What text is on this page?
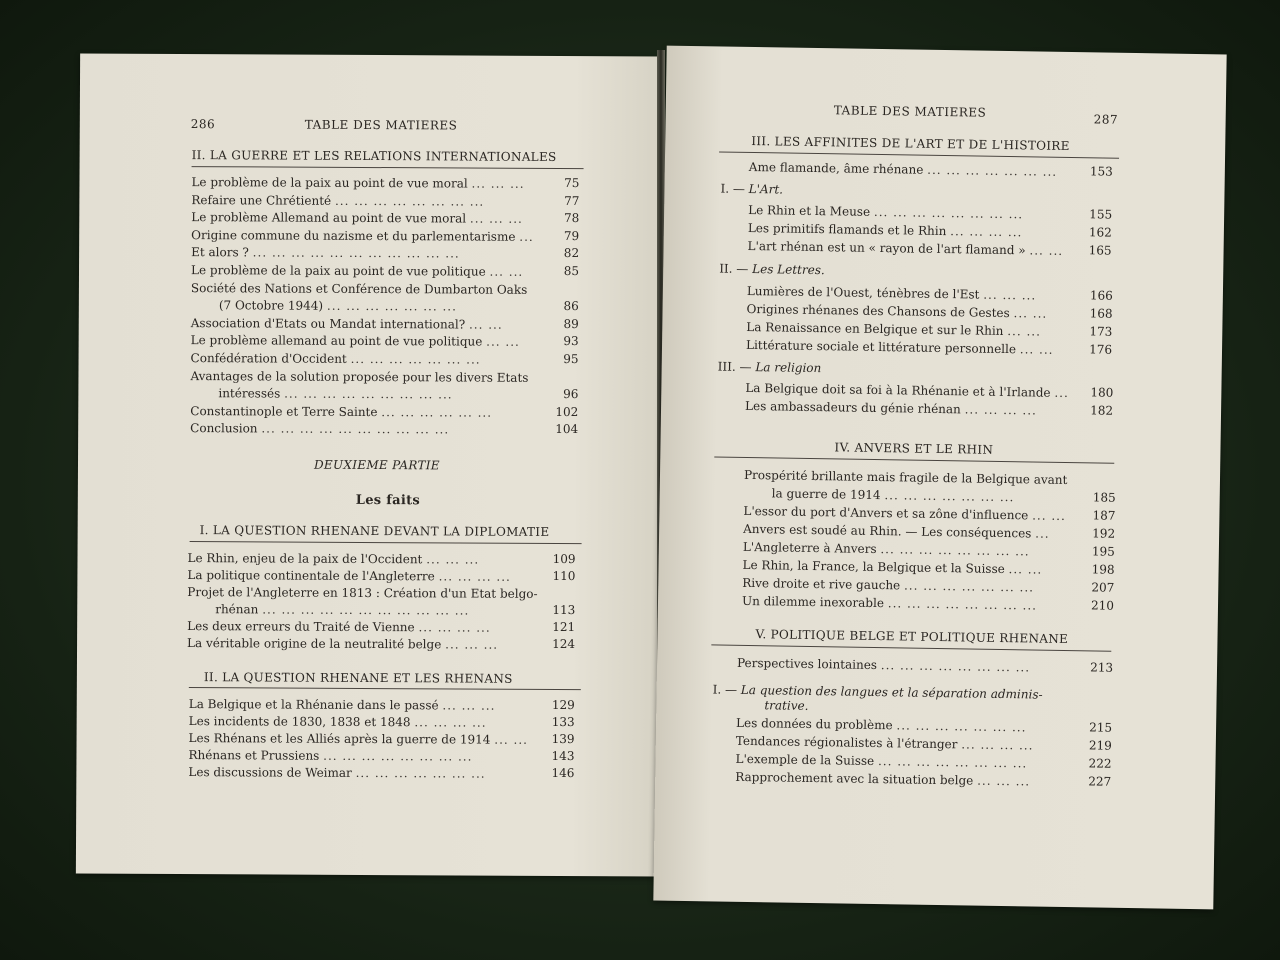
286	TABLE DES MATIERES
II. LA GUERRE ET LES RELATIONS INTERNATIONALES
Le problème de la paix au point de vue moral ... ... ...	75
Refaire une Chrétienté ... ... ... ... ... ... ... ...	77
Le problème Allemand au point de vue moral ... ... ...	78
Origine commune du nazisme et du parlementarisme ...	79
Et alors ? ... ... ... ... ... ... ... ... ... ... ...	82
Le problème de la paix au point de vue politique ... ...	85
Société des Nations et Conférence de Dumbarton Oaks
(7 Octobre 1944) ... ... ... ... ... ... ...	86
Association d'Etats ou Mandat international? ... ...	89
Le problème allemand au point de vue politique ... ...	93
Confédération d'Occident ... ... ... ... ... ... ...	95
Avantages de la solution proposée pour les divers Etats
intéressés ... ... ... ... ... ... ... ... ...	96
Constantinople et Terre Sainte ... ... ... ... ... ...	102
Conclusion ... ... ... ... ... ... ... ... ... ...	104
DEUXIEME PARTIE
Les faits
I. LA QUESTION RHENANE DEVANT LA DIPLOMATIE
Le Rhin, enjeu de la paix de l'Occident ... ... ...	109
La politique continentale de l'Angleterre ... ... ... ...	110
Projet de l'Angleterre en 1813 : Création d'un Etat belgo-
rhénan ... ... ... ... ... ... ... ... ... ... ...	113
Les deux erreurs du Traité de Vienne ... ... ... ...	121
La véritable origine de la neutralité belge ... ... ...	124
II. LA QUESTION RHENANE ET LES RHENANS
La Belgique et la Rhénanie dans le passé ... ... ...	129
Les incidents de 1830, 1838 et 1848 ... ... ... ...	133
Les Rhénans et les Alliés après la guerre de 1914 ... ...	139
Rhénans et Prussiens ... ... ... ... ... ... ... ...	143
Les discussions de Weimar ... ... ... ... ... ... ...	146
TABLE DES MATIERES	287
III. LES AFFINITES DE L'ART ET DE L'HISTOIRE
Ame flamande, âme rhénane ... ... ... ... ... ... ...	153
I. — L'Art.
Le Rhin et la Meuse ... ... ... ... ... ... ... ...	155
Les primitifs flamands et le Rhin ... ... ... ...	162
L'art rhénan est un « rayon de l'art flamand » ... ...	165
II. — Les Lettres.
Lumières de l'Ouest, ténèbres de l'Est ... ... ...	166
Origines rhénanes des Chansons de Gestes ... ...	168
La Renaissance en Belgique et sur le Rhin ... ...	173
Littérature sociale et littérature personnelle ... ...	176
III. — La religion
La Belgique doit sa foi à la Rhénanie et à l'Irlande ...	180
Les ambassadeurs du génie rhénan ... ... ... ...	182
IV. ANVERS ET LE RHIN
Prospérité brillante mais fragile de la Belgique avant
la guerre de 1914 ... ... ... ... ... ... ...	185
L'essor du port d'Anvers et sa zône d'influence ... ...	187
Anvers est soudé au Rhin. — Les conséquences ...	192
L'Angleterre à Anvers ... ... ... ... ... ... ... ...	195
Le Rhin, la France, la Belgique et la Suisse ... ...	198
Rive droite et rive gauche ... ... ... ... ... ... ...	207
Un dilemme inexorable ... ... ... ... ... ... ... ...	210
V. POLITIQUE BELGE ET POLITIQUE RHENANE
Perspectives lointaines ... ... ... ... ... ... ... ...	213
I. — La question des langues et la séparation adminis-
trative.
Les données du problème ... ... ... ... ... ... ...	215
Tendances régionalistes à l'étranger ... ... ... ...	219
L'exemple de la Suisse ... ... ... ... ... ... ... ...	222
Rapprochement avec la situation belge ... ... ...	227
